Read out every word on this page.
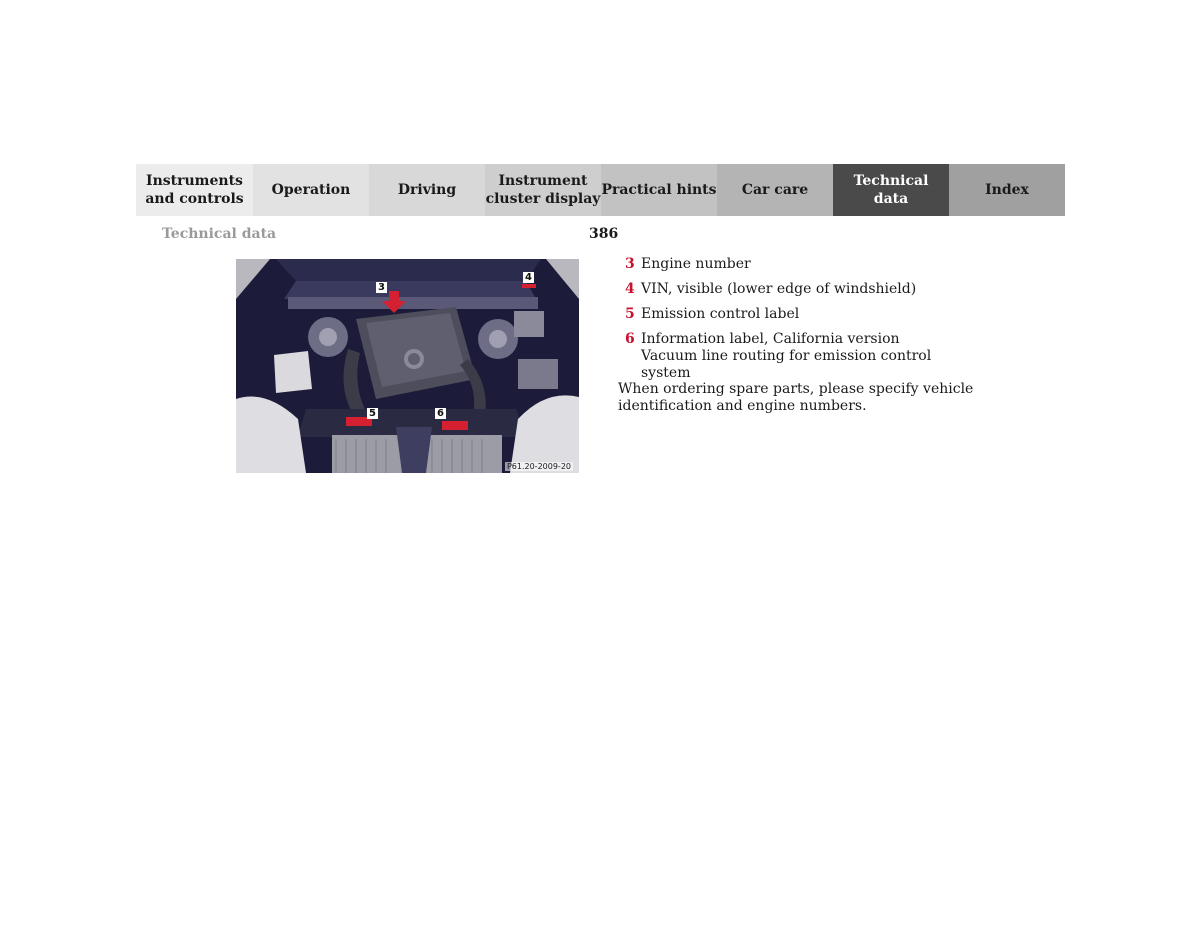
Instruments
and controls
Operation	Driving
Instrument
cluster display
Practical hints Car care
Technical
data
Index
Technical data	386
3
4
5	6
P61.20-2009-20
3 Engine number
4 VIN, visible (lower edge of windshield)
5 Emission control label
6 Information label, California version
Vacuum line routing for emission control system
When ordering spare parts, please specify vehicle
identification and engine numbers.
